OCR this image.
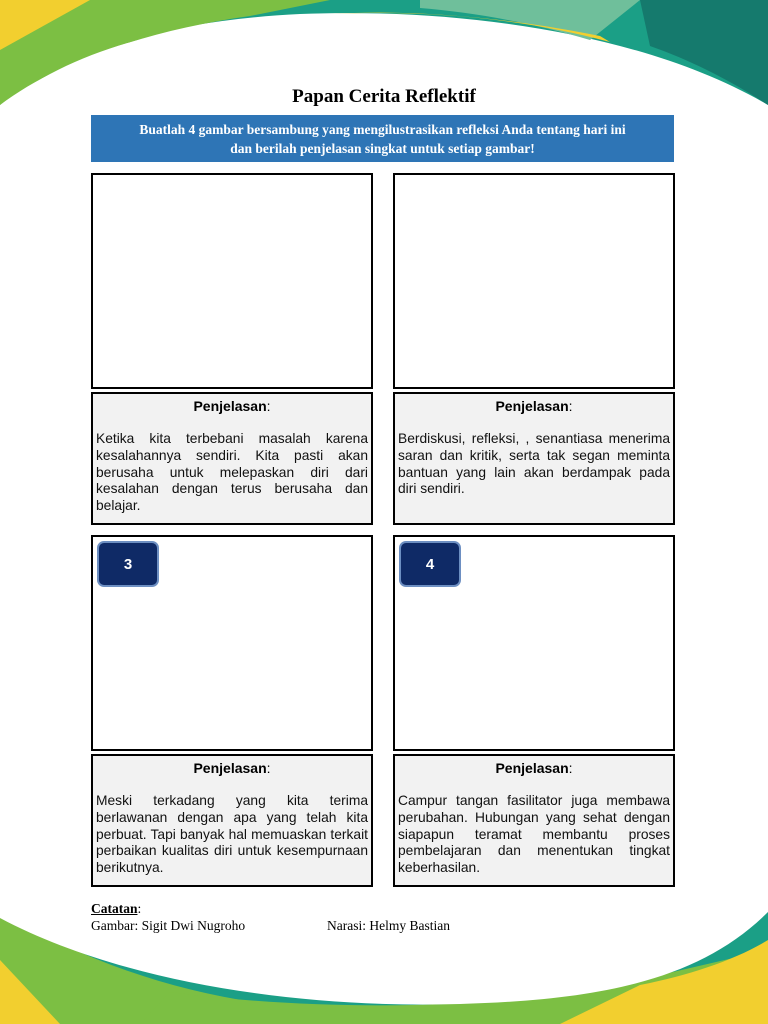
Papan Cerita Reflektif
Buatlah 4 gambar bersambung yang mengilustrasikan refleksi Anda tentang hari ini
dan berilah penjelasan singkat untuk setiap gambar!
Penjelasan:
Ketika kita terbebani masalah karena kesalahannya sendiri. Kita pasti akan berusaha untuk melepaskan diri dari kesalahan dengan terus berusaha dan belajar.
Penjelasan:
Berdiskusi, refleksi, , senantiasa menerima saran dan kritik, serta tak segan meminta bantuan yang lain akan berdampak pada diri sendiri.
3
Penjelasan:
Meski terkadang yang kita terima berlawanan dengan apa yang telah kita perbuat. Tapi banyak hal memuaskan terkait perbaikan kualitas diri untuk kesempurnaan berikutnya.
4
Penjelasan:
Campur tangan fasilitator juga membawa perubahan. Hubungan yang sehat dengan siapapun teramat membantu proses pembelajaran dan menentukan tingkat keberhasilan.
Catatan:
Gambar: Sigit Dwi Nugroho	Narasi: Helmy Bastian
